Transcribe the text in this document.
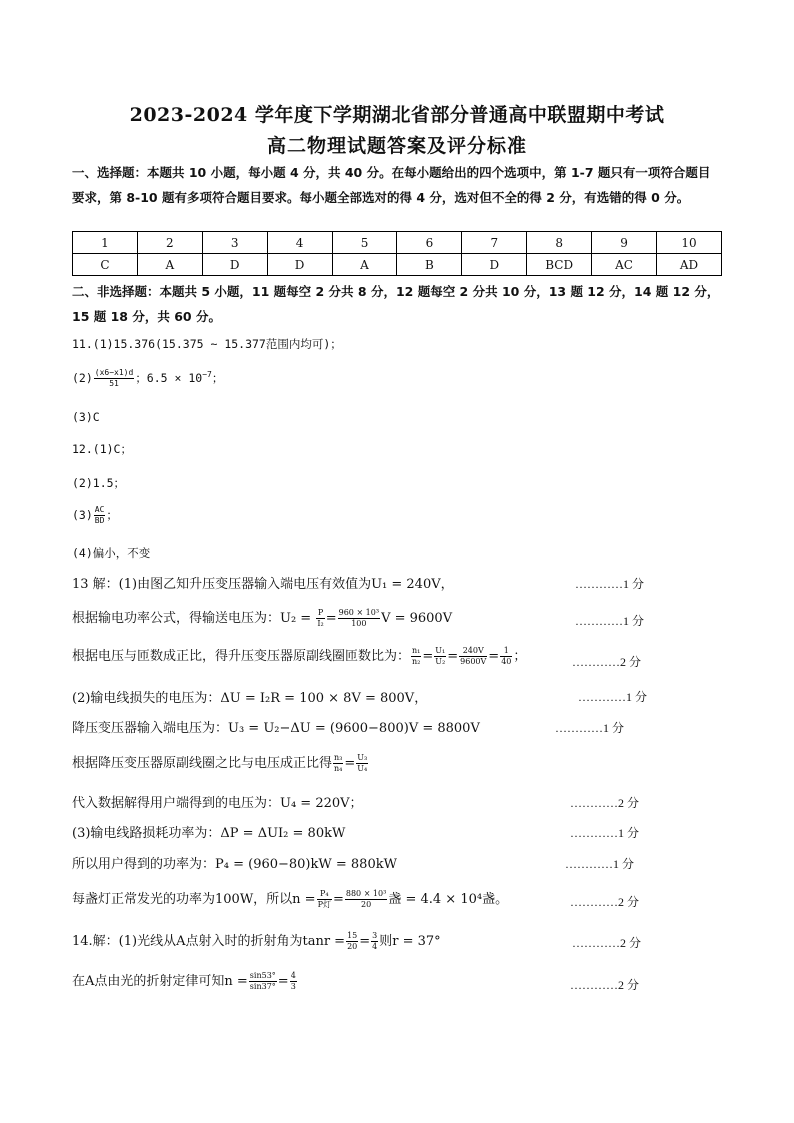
2023-2024 学年度下学期湖北省部分普通高中联盟期中考试
高二物理试题答案及评分标准
一、选择题：本题共 10 小题，每小题 4 分，共 40 分。在每小题给出的四个选项中，第 1-7 题只有一项符合题目要求，第 8-10 题有多项符合题目要求。每小题全部选对的得 4 分，选对但不全的得 2 分，有选错的得 0 分。
1	2	3	4	5	6	7	8	9	10
C	A	D	D	A	B	D	BCD	AC	AD
二、非选择题：本题共 5 小题，11 题每空 2 分共 8 分，12 题每空 2 分共 10 分，13 题 12 分，14 题 12 分，15 题 18 分，共 60 分。
11.(1)15.376(15.375 ~ 15.377范围内均可)；
$(2) \frac{(x6-x1)d}{51}$ ；$6.5 \times 10^{-7}$；
(3)C
12.(1)C；
(2)1.5；
$(3) \frac{AC}{BD}$ ；
(4)偏小，不变
13 解：(1)由图乙知升压变压器输入端电压有效值为U₁ = 240V，	…………1 分
根据输电功率公式，得输送电压为：$U_2 = \frac{P}{\text{I₂}} = \frac{\text{960 × 10³}}{100}$ V = 9600V	…………1 分
根据电压与匝数成正比，得升压变压器原副线圈匝数比为： $\frac{\text{n₁}}{\text{n₂}} = \frac{\text{U₁}}{\text{U₂}} = \frac{240V}{9600V} = \frac{1}{40}$ ；	…………2 分
(2)输电线损失的电压为：ΔU = I₂R = 100 × 8V = 800V，	…………1 分
降压变压器输入端电压为：U₃ = U₂−ΔU = (9600−800)V = 8800V	…………1 分
根据降压变压器原副线圈之比与电压成正比得 $\frac{\text{n₃}}{\text{n₄}} = \frac{\text{U₃}}{\text{U₄}}$
代入数据解得用户端得到的电压为：U₄ = 220V；	…………2 分
(3)输电线路损耗功率为：ΔP = ΔUI₂ = 80kW	…………1 分
所以用户得到的功率为：P₄ = (960−80)kW = 880kW	…………1 分
每盏灯正常发光的功率为100W，所以$n = \frac{\text{P₄}}{\text{P灯}} = \frac{\text{880 × 10³}}{20}$ 盏 = 4.4 × 10⁴盏。	…………2 分
14.解：(1)光线从A点射入时的折射角为$\tan r = \frac{15}{20} = \frac{3}{4}$ 则r = 37°	…………2 分
在A点由光的折射定律可知$n = \frac{\sin 53^\circ}{\sin 37^\circ} = \frac{4}{3}$	…………2 分
